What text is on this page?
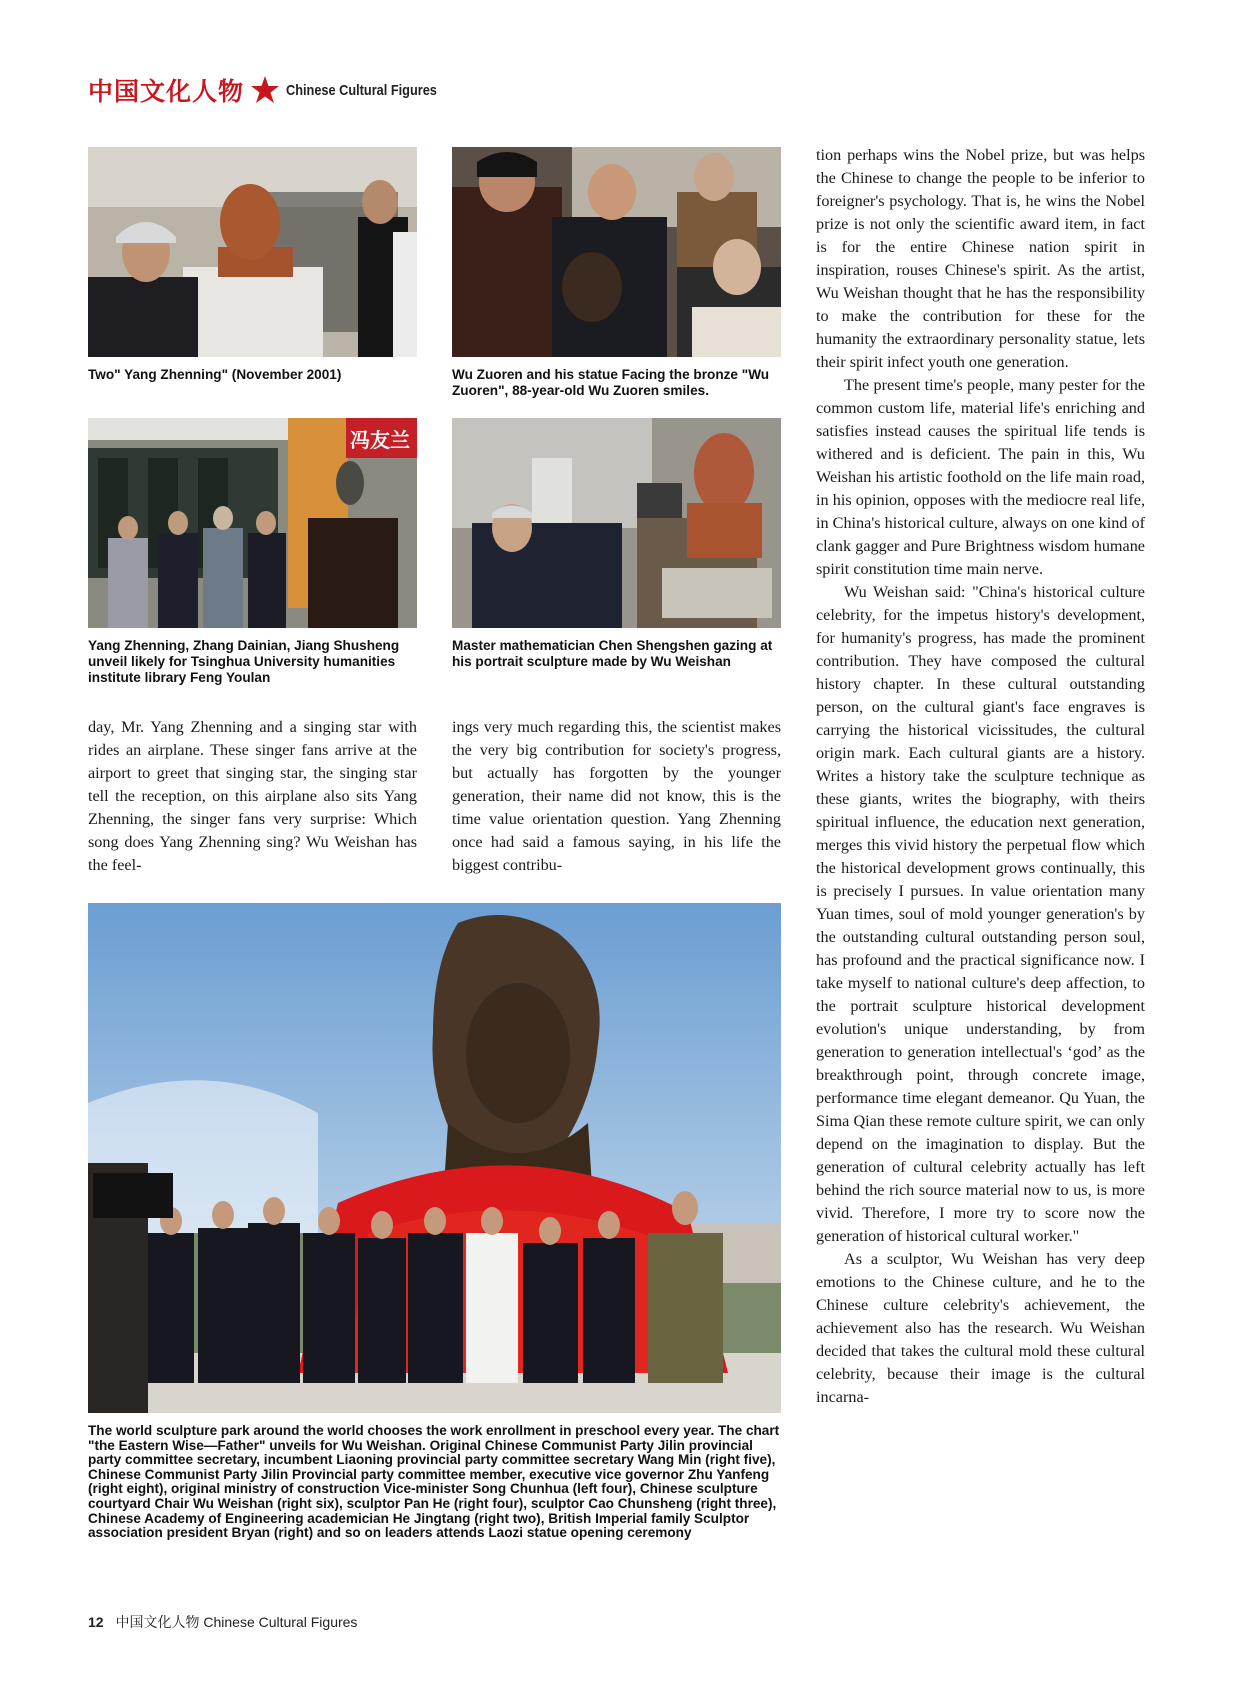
中国文化人物	Chinese Cultural Figures
Two" Yang Zhenning" (November 2001)	Wu Zuoren and his statue Facing the bronze "Wu Zuoren", 88-year-old Wu Zuoren smiles.
冯友兰
Yang Zhenning, Zhang Dainian, Jiang Shusheng unveil likely for Tsinghua University humanities institute library Feng Youlan
Master mathematician Chen Shengshen gazing at his portrait sculpture made by Wu Weishan

day, Mr. Yang Zhenning and a singing star with rides an airplane. These singer fans arrive at the airport to greet that singing star, the singing star tell the reception, on this airplane also sits Yang Zhenning, the singer fans very surprise: Which song does Yang Zhenning sing? Wu Weishan has the feel-

ings very much regarding this, the scientist makes the very big contribution for society's progress, but actually has forgotten by the younger generation, their name did not know, this is the time value orientation question. Yang Zhenning once had said a famous saying, in his life the biggest contribu-

The world sculpture park around the world chooses the work enrollment in preschool every year. The chart "the Eastern Wise—Father" unveils for Wu Weishan. Original Chinese Communist Party Jilin provincial party committee secretary, incumbent Liaoning provincial party committee secretary Wang Min (right five), Chinese Communist Party Jilin Provincial party committee member, executive vice governor Zhu Yanfeng (right eight), original ministry of construction Vice-minister Song Chunhua (left four), Chinese sculpture courtyard Chair Wu Weishan (right six), sculptor Pan He (right four), sculptor Cao Chunsheng (right three), Chinese Academy of Engineering academician He Jingtang (right two), British Imperial family Sculptor association president Bryan (right) and so on leaders attends Laozi statue opening ceremony

tion perhaps wins the Nobel prize, but was helps the Chinese to change the people to be inferior to foreigner's psychology. That is, he wins the Nobel prize is not only the scientific award item, in fact is for the entire Chinese nation spirit in inspiration, rouses Chinese's spirit. As the artist, Wu Weishan thought that he has the responsibility to make the contribution for these for the humanity the extraordinary personality statue, lets their spirit infect youth one generation.

The present time's people, many pester for the common custom life, material life's enriching and satisfies instead causes the spiritual life tends is withered and is deficient. The pain in this, Wu Weishan his artistic foothold on the life main road, in his opinion, opposes with the mediocre real life, in China's historical culture, always on one kind of clank gagger and Pure Brightness wisdom humane spirit constitution time main nerve.

Wu Weishan said: "China's historical culture celebrity, for the impetus history's development, for humanity's progress, has made the prominent contribution. They have composed the cultural history chapter. In these cultural outstanding person, on the cultural giant's face engraves is carrying the historical vicissitudes, the cultural origin mark. Each cultural giants are a history. Writes a history take the sculpture technique as these giants, writes the biography, with theirs spiritual influence, the education next generation, merges this vivid history the perpetual flow which the historical development grows continually, this is precisely I pursues. In value orientation many Yuan times, soul of mold younger generation's by the outstanding cultural outstanding person soul, has profound and the practical significance now. I take myself to national culture's deep affection, to the portrait sculpture historical development evolution's unique understanding, by from generation to generation intellectual's ‘god’ as the breakthrough point, through concrete image, performance time elegant demeanor. Qu Yuan, the Sima Qian these remote culture spirit, we can only depend on the imagination to display. But the generation of cultural celebrity actually has left behind the rich source material now to us, is more vivid. Therefore, I more try to score now the generation of historical cultural worker."

As a sculptor, Wu Weishan has very deep emotions to the Chinese culture, and he to the Chinese culture celebrity's achievement, the achievement also has the research. Wu Weishan decided that takes the cultural mold these cultural celebrity, because their image is the cultural incarna-

12 中国文化人物 Chinese Cultural Figures
